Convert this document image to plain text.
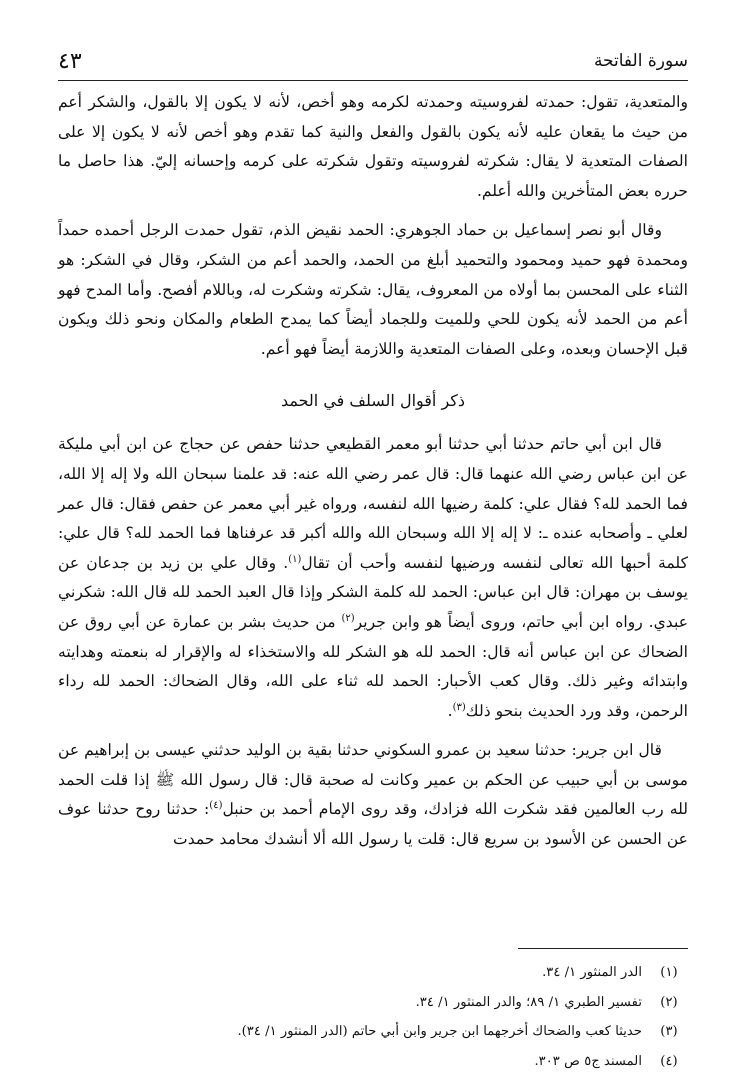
سورة الفاتحة
٤٣

والمتعدية، تقول: حمدته لفروسيته وحمدته لكرمه وهو أخص، لأنه لا يكون إلا بالقول، والشكر أعم من حيث ما يقعان عليه لأنه يكون بالقول والفعل والنية كما تقدم وهو أخص لأنه لا يكون إلا على الصفات المتعدية لا يقال: شكرته لفروسيته وتقول شكرته على كرمه وإحسانه إليّ. هذا حاصل ما حرره بعض المتأخرين والله أعلم.

وقال أبو نصر إسماعيل بن حماد الجوهري: الحمد نقيض الذم، تقول حمدت الرجل أحمده حمداً ومحمدة فهو حميد ومحمود والتحميد أبلغ من الحمد، والحمد أعم من الشكر، وقال في الشكر: هو الثناء على المحسن بما أولاه من المعروف، يقال: شكرته وشكرت له، وباللام أفصح. وأما المدح فهو أعم من الحمد لأنه يكون للحي وللميت وللجماد أيضاً كما يمدح الطعام والمكان ونحو ذلك ويكون قبل الإحسان وبعده، وعلى الصفات المتعدية واللازمة أيضاً فهو أعم.

ذكر أقوال السلف في الحمد

قال ابن أبي حاتم حدثنا أبي حدثنا أبو معمر القطيعي حدثنا حفص عن حجاج عن ابن أبي مليكة عن ابن عباس رضي الله عنهما قال: قال عمر رضي الله عنه: قد علمنا سبحان الله ولا إله إلا الله، فما الحمد لله؟ فقال علي: كلمة رضيها الله لنفسه، ورواه غير أبي معمر عن حفص فقال: قال عمر لعلي ـ وأصحابه عنده ـ: لا إله إلا الله وسبحان الله والله أكبر قد عرفناها فما الحمد لله؟ قال علي: كلمة أحبها الله تعالى لنفسه ورضيها لنفسه وأحب أن تقال$^{(١)}$. وقال علي بن زيد بن جدعان عن يوسف بن مهران: قال ابن عباس: الحمد لله كلمة الشكر وإذا قال العبد الحمد لله قال الله: شكرني عبدي. رواه ابن أبي حاتم، وروى أيضاً هو وابن جرير$^{(٢)}$ من حديث بشر بن عمارة عن أبي روق عن الضحاك عن ابن عباس أنه قال: الحمد لله هو الشكر لله والاستخذاء له والإقرار له بنعمته وهدايته وابتدائه وغير ذلك. وقال كعب الأحبار: الحمد لله ثناء على الله، وقال الضحاك: الحمد لله رداء الرحمن، وقد ورد الحديث بنحو ذلك$^{(٣)}$.

قال ابن جرير: حدثنا سعيد بن عمرو السكوني حدثنا بقية بن الوليد حدثني عيسى بن إبراهيم عن موسى بن أبي حبيب عن الحكم بن عمير وكانت له صحبة قال: قال رسول الله ﷺ إذا قلت الحمد لله رب العالمين فقد شكرت الله فزادك، وقد روى الإمام أحمد بن حنبل$^{(٤)}$: حدثنا روح حدثنا عوف عن الحسن عن الأسود بن سريع قال: قلت يا رسول الله ألا أنشدك محامد حمدت

(١)
الدر المنثور ١/ ٣٤.
(٢)
تفسير الطبري ١/ ٨٩؛ والدر المنثور ١/ ٣٤.
(٣)
حديثا كعب والضحاك أخرجهما ابن جرير وابن أبي حاتم (الدر المنثور ١/ ٣٤).
(٤)
المسند ج٥ ص ٣٠٣.
